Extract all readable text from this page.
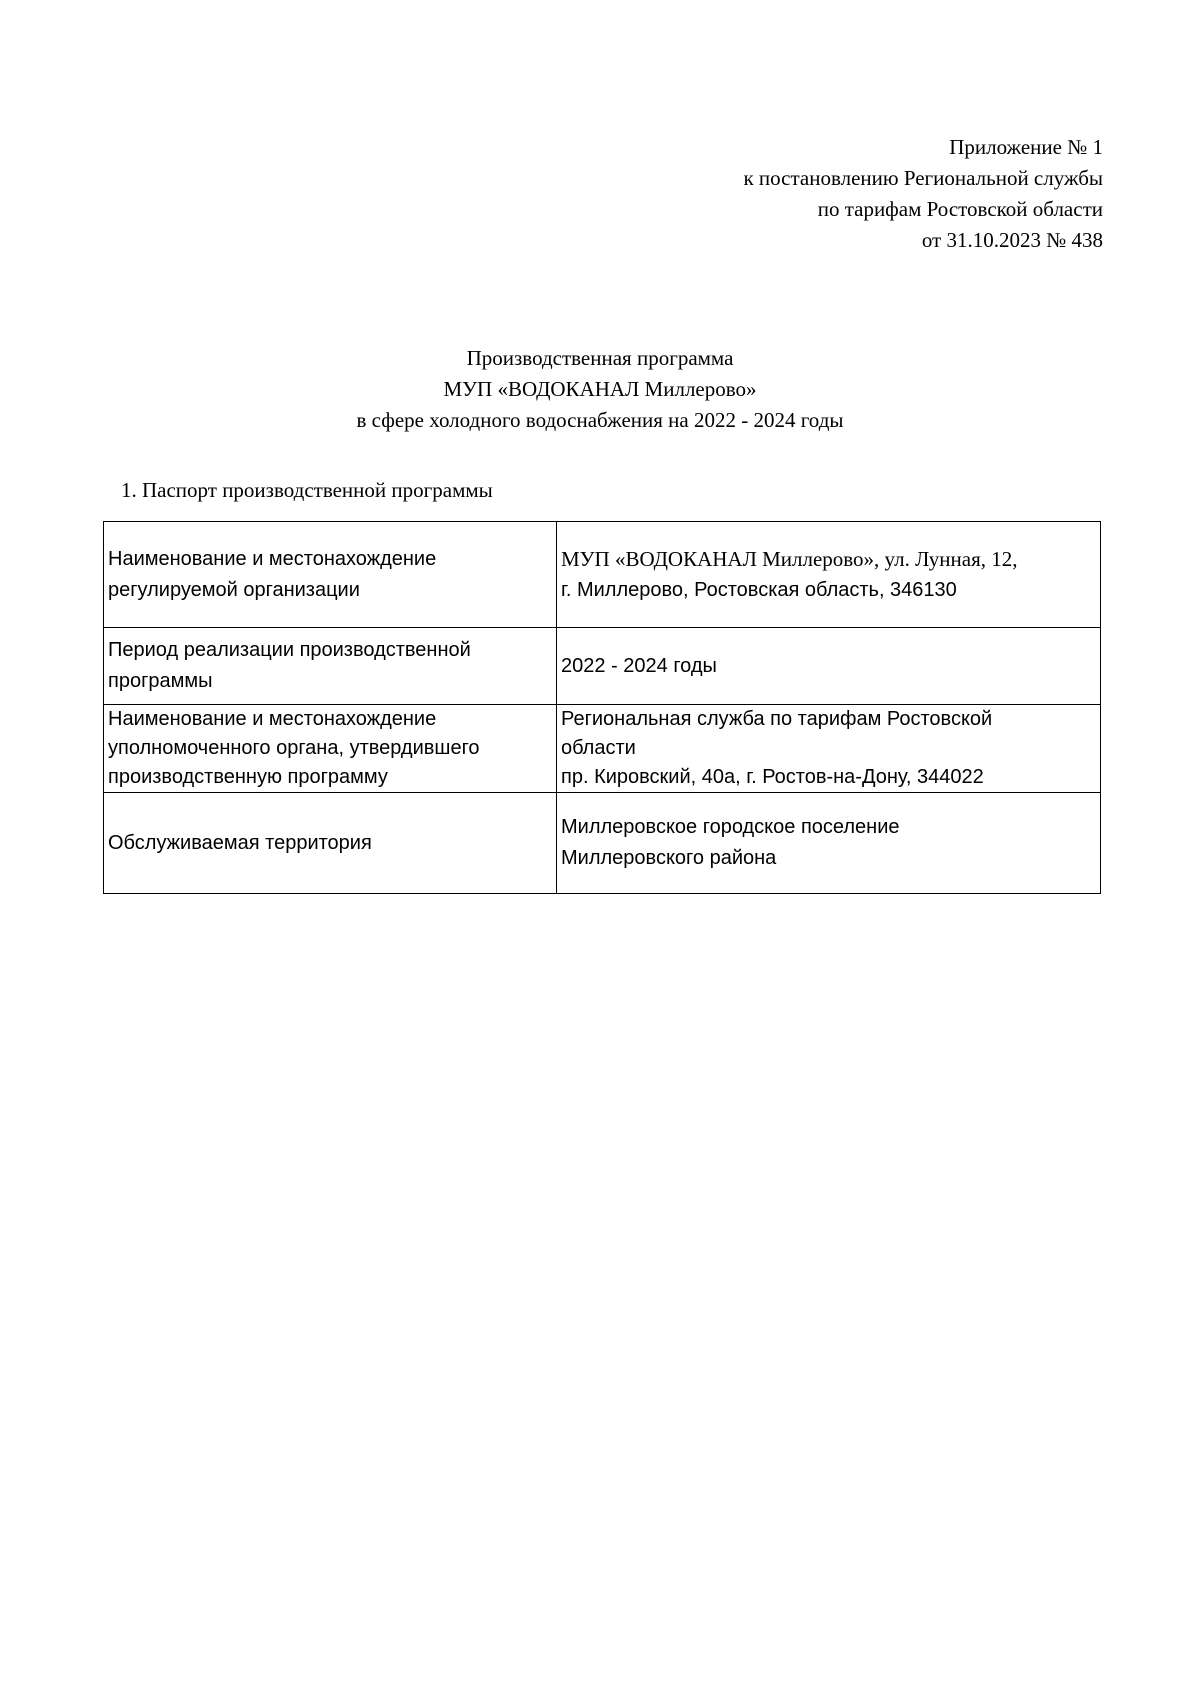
Приложение № 1
к постановлению Региональной службы
по тарифам Ростовской области
от 31.10.2023 № 438
Производственная программа
МУП «ВОДОКАНАЛ Миллерово»
в сфере холодного водоснабжения на 2022 - 2024 годы
1. Паспорт производственной программы
Наименование и местонахождение
регулируемой организации	МУП «ВОДОКАНАЛ Миллерово», ул. Лунная, 12,
г. Миллерово, Ростовская область, 346130

Период реализации производственной
программы	2022 - 2024 годы

Наименование и местонахождение
уполномоченного органа, утвердившего
производственную программу	Региональная служба по тарифам Ростовской
области
пр. Кировский, 40а, г. Ростов-на-Дону, 344022

Обслуживаемая территория	Миллеровское городское поселение
Миллеровского района
